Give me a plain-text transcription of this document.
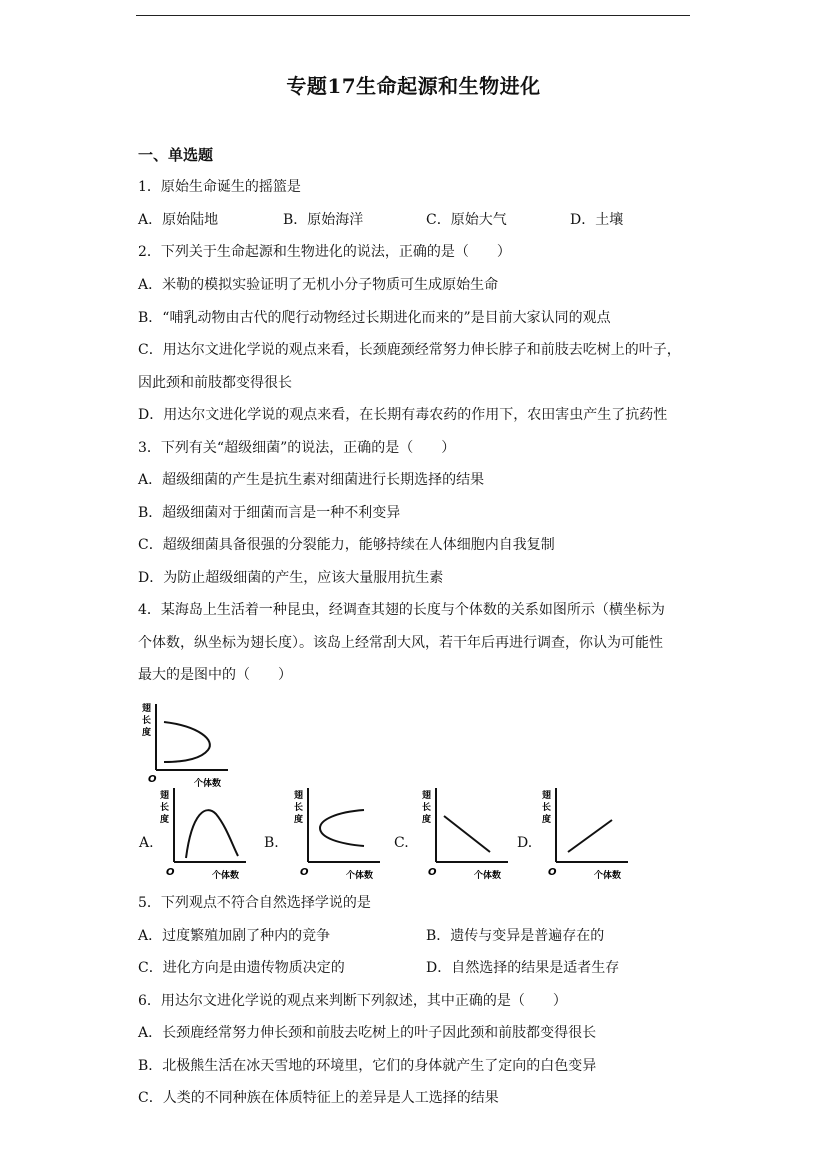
专题17生命起源和生物进化
一、单选题
1．原始生命诞生的摇篮是
A．原始陆地	B．原始海洋	C．原始大气	D．土壤
2．下列关于生命起源和生物进化的说法，正确的是（　　）
A．米勒的模拟实验证明了无机小分子物质可生成原始生命
B．“哺乳动物由古代的爬行动物经过长期进化而来的”是目前大家认同的观点
C．用达尔文进化学说的观点来看，长颈鹿颈经常努力伸长脖子和前肢去吃树上的叶子，
因此颈和前肢都变得很长
D．用达尔文进化学说的观点来看，在长期有毒农药的作用下，农田害虫产生了抗药性
3．下列有关“超级细菌”的说法，正确的是（　　）
A．超级细菌的产生是抗生素对细菌进行长期选择的结果
B．超级细菌对于细菌而言是一种不利变异
C．超级细菌具备很强的分裂能力，能够持续在人体细胞内自我复制
D．为防止超级细菌的产生，应该大量服用抗生素
4．某海岛上生活着一种昆虫，经调查其翅的长度与个体数的关系如图所示（横坐标为
个体数，纵坐标为翅长度）。该岛上经常刮大风，若干年后再进行调查，你认为可能性
最大的是图中的（　　）
翅
长
度
O	个体数
A.
翅
长
度
O	个体数
B.
翅
长
度
O	个体数
C.
翅
长
度
O	个体数
D.
翅
长
度
O	个体数
5．下列观点不符合自然选择学说的是
A．过度繁殖加剧了种内的竞争	B．遗传与变异是普遍存在的
C．进化方向是由遗传物质决定的	D．自然选择的结果是适者生存
6．用达尔文进化学说的观点来判断下列叙述，其中正确的是（　　）
A．长颈鹿经常努力伸长颈和前肢去吃树上的叶子因此颈和前肢都变得很长
B．北极熊生活在冰天雪地的环境里，它们的身体就产生了定向的白色变异
C．人类的不同种族在体质特征上的差异是人工选择的结果
